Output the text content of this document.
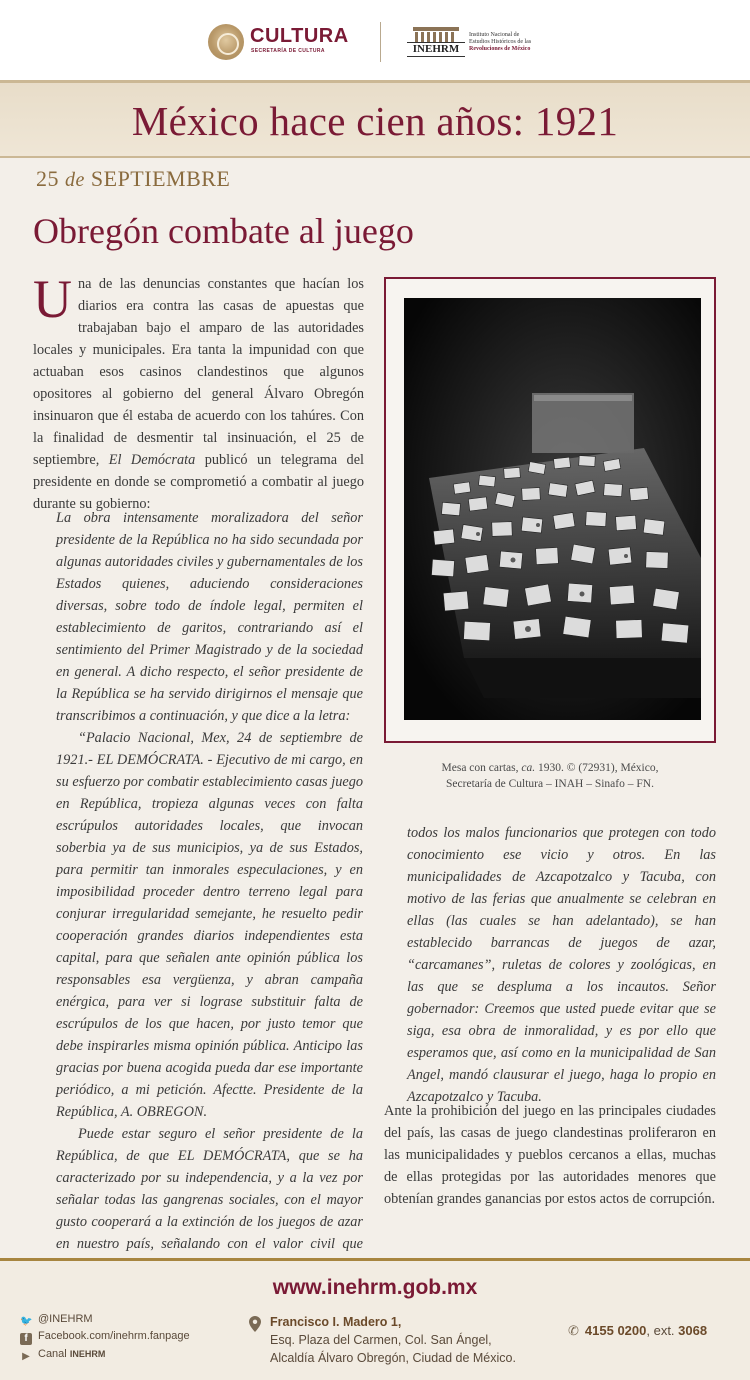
CULTURA
SECRETARÍA DE CULTURA	INEHRM
Instituto Nacional de
Estudios Históricos de las
Revoluciones de México
México hace cien años: 1921
25 de SEPTIEMBRE
Obregón combate al juego

Una de las denuncias constantes que hacían los diarios era contra las casas de apuestas que trabajaban bajo el amparo de las autoridades locales y municipales. Era tanta la impunidad con que actuaban esos casinos clandestinos que algunos opositores al gobierno del general Álvaro Obregón insinuaron que él estaba de acuerdo con los tahúres. Con la finalidad de desmentir tal insinuación, el 25 de septiembre, El Demócrata publicó un telegrama del presidente en donde se comprometió a combatir al juego durante su gobierno:

La obra intensamente moralizadora del señor presidente de la República no ha sido secundada por algunas autoridades civiles y gubernamentales de los Estados quienes, aduciendo consideraciones diversas, sobre todo de índole legal, permiten el establecimiento de garitos, contrariando así el sentimiento del Primer Magistrado y de la sociedad en general. A dicho respecto, el señor presidente de la República se ha servido dirigirnos el mensaje que transcribimos a continuación, y que dice a la letra:

“Palacio Nacional, Mex, 24 de septiembre de 1921.- EL DEMÓCRATA. - Ejecutivo de mi cargo, en su esfuerzo por combatir establecimiento casas juego en República, tropieza algunas veces con falta escrúpulos autoridades locales, que invocan soberbia ya de sus municipios, ya de sus Estados, para permitir tan inmorales especulaciones, y en imposibilidad proceder dentro terreno legal para conjurar irregularidad semejante, he resuelto pedir cooperación grandes diarios independientes esta capital, para que señalen ante opinión pública los responsables esa vergüenza, y abran campaña enérgica, para ver si lograse substituir falta de escrúpulos de los que hacen, por justo temor que debe inspirarles misma opinión pública. Anticipo las gracias por buena acogida pueda dar ese importante periódico, a mi petición. Afectte. Presidente de la República, A. OBREGON.

Puede estar seguro el señor presidente de la República, de que EL DEMÓCRATA, que se ha caracterizado por su independencia, y a la vez por señalar todas las gangrenas sociales, con el mayor gusto cooperará a la extinción de los juegos de azar en nuestro país, señalando con el valor civil que

Mesa con cartas, ca. 1930. © (72931), México,
Secretaría de Cultura – INAH – Sinafo – FN.

todos los malos funcionarios que protegen con todo conocimiento ese vicio y otros. En las municipalidades de Azcapotzalco y Tacuba, con motivo de las ferias que anualmente se celebran en ellas (las cuales se han adelantado), se han establecido barrancas de juegos de azar, “carcamanes”, ruletas de colores y zoológicas, en las que se despluma a los incautos. Señor gobernador: Creemos que usted puede evitar que se siga, esa obra de inmoralidad, y es por ello que esperamos que, así como en la municipalidad de San Angel, mandó clausurar el juego, haga lo propio en Azcapotzalco y Tacuba.

Ante la prohibición del juego en las principales ciudades del país, las casas de juego clandestinas proliferaron en las municipalidades y pueblos cercanos a ellas, muchas de ellas protegidas por las autoridades menores que obtenían grandes ganancias por estos actos de corrupción.

www.inehrm.gob.mx
🐦 @INEHRM
f Facebook.com/inehrm.fanpage
▶ Canal INEHRM
Francisco I. Madero 1,
Esq. Plaza del Carmen, Col. San Ángel,
Alcaldía Álvaro Obregón, Ciudad de México.
✆ 4155 0200, ext. 3068
